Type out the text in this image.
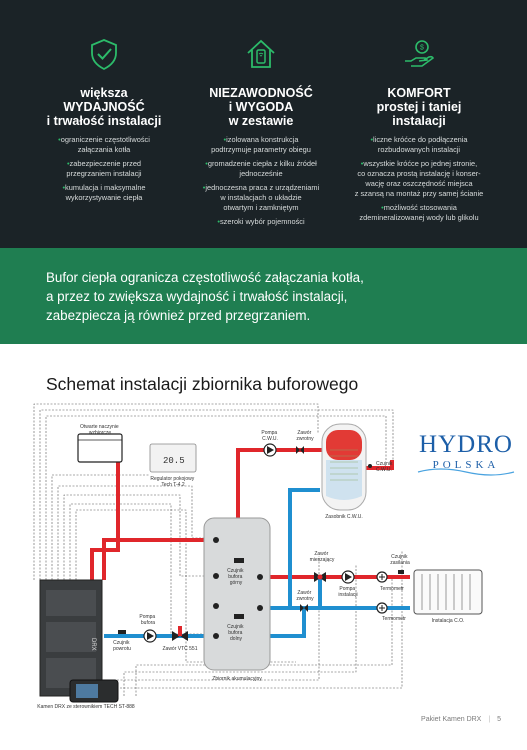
większa
WYDAJNOŚĆ
i trwałość instalacji
• ograniczenie częstotliwości
załączania kotła
• zabezpieczenie przed
przegrzaniem instalacji
• kumulacja i maksymalne
wykorzystywanie ciepła
NIEZAWODNOŚĆ
i WYGODA
w zestawie
• izolowana konstrukcja
podtrzymuje parametry obiegu
• gromadzenie ciepła z kilku źródeł
jednocześnie
• jednoczesna praca z urządzeniami
w instalacjach o układzie
otwartym i zamkniętym
• szeroki wybór pojemności
$
KOMFORT
prostej i taniej
instalacji
• liczne króćce do podłączenia
rozbudowanych instalacji
• wszystkie króćce po jednej stronie,
co oznacza prostą instalację i konser-
wację oraz oszczędność miejsca
z szansą na montaż przy samej ścianie
• możliwość stosowania
zdemineralizowanej wody lub glikolu

Bufor ciepła ogranicza częstotliwość załączania kotła,
a przez to zwiększa wydajność i trwałość instalacji,
zabezpiecza ją również przed przegrzaniem.

Schemat instalacji zbiornika buforowego
Otwarte naczynie wzbiorcze
20.5
Regulator pokojowy Tech T-4.2
Pompa C.W.U.
Zawór zwrotny
Czujnik C.W.U.
Zasobnik C.W.U.
HYDRO
POLSKA
Czujnik bufora górny
Czujnik bufora dolny
Zbiornik akumulacyjny
Zawór mieszający
Pompa instalacji
Termometr
Termometr
Czujnik zasilania
Zawór zwrotny
Instalacja C.O.
Pompa bufora
Zawór VTC 551
Czujnik powrotu
DRX
Kamen DRX ze sterownikiem TECH ST-888
Pakiet Kamen DRX | 5
